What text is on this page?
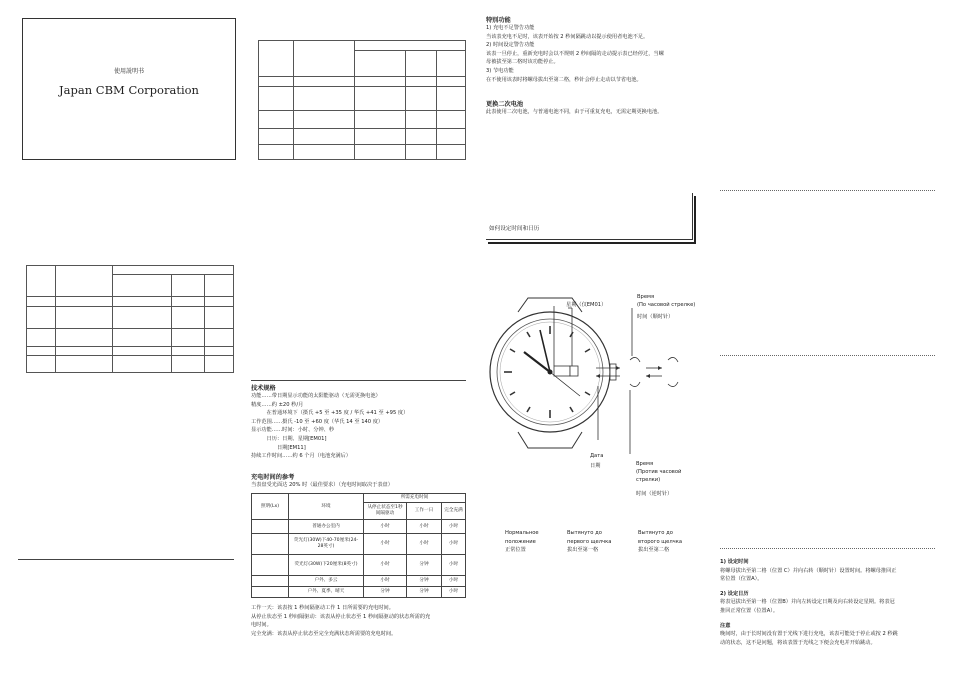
使用説明书
Japan CBM Corporation

技术规格
功能……带日期显示功能的太阳能驱动（无需更换电池）
精度……约 ±20 秒/月
　　　在普通环境下（摄氏 +5 至 +35 度 / 华氏 +41 至 +95 度）
工作范围……摄氏 -10 至 +60 度（华氏 14 至 140 度）
显示功能……时间：小时、分钟、秒
　　　日历：日期、星期[EM01]
　　　　　日期[EM11]
持续工作时间……约 6 个月（电池充满后）
充电时间的参考
当表盘受光面达 20% 时（最佳要求）（充电时间取决于表盘）
照明(Lx)	环境	所需充电时间		
		从停止状态至1秒间隔驱动	工作一日	完全充满
	普通办公室内	小时	小时	小时
	荧光灯(30W)下40-70厘米(24-28英寸)	小时	小时	小时
	荧光灯(30W)下20厘米(8英寸)	小时	分钟	小时
	户外、多云	小时	分钟	小时
	户外、夏季、晴天	分钟	分钟	小时
工作一天：该表按 1 秒间隔驱动工作 1 日所需要的充电时间。
从停止状态至 1 秒间隔驱动：该表从停止状态至 1 秒间隔驱动的状态所需的充
电时间。
完全充满：该表从停止状态至完全充满状态所需要的充电时间。
特别功能
1) 充电不足警告功能
当该表充电不足时，该表开始按 2 秒间隔跳动以提示使用者电池不足。
2) 时间设定警告功能
该表一旦停止，重新充电时会以不规则 2 秒间隔的走动提示表已经停过，当螺
母被拔至第二格时该功能停止。
3) 节电功能
在不使用该表时将螺母拔出至第二格，秒针会停止走动以节省电池。
更换二次电池
此表使用二次电池，与普通电池不同，由于可重复充电，无需定期更换电池。
如何设定时间和日历
星期（仅EM01）
Время
(По часовой стрелке)
时间（顺时针）
Дата
日期	Время
(Против часовой
стрелки)
时间（逆时针）
Нормальное
положение
正常位置
Вытянуто до
первого щелчка
拔出至第一格
Вытянуто до
второго щелчка
拔出至第二格
1) 设定时间
将螺母拔出至第二格（位置 C）并向右转（顺时针）设置时间。将螺母推回正
常位置（位置A）。
2) 设定日历
将表冠拔出至第一格（位置B）并向左转设定日期及向右转设定星期。将表冠
推回正常位置（位置A）。
注意
晚间时，由于长时间没有置于光线下进行充电，该表可能处于停止或按 2 秒跳
动的状态，这不是问题，将该表置于光线之下便会充电并开始跳动。
